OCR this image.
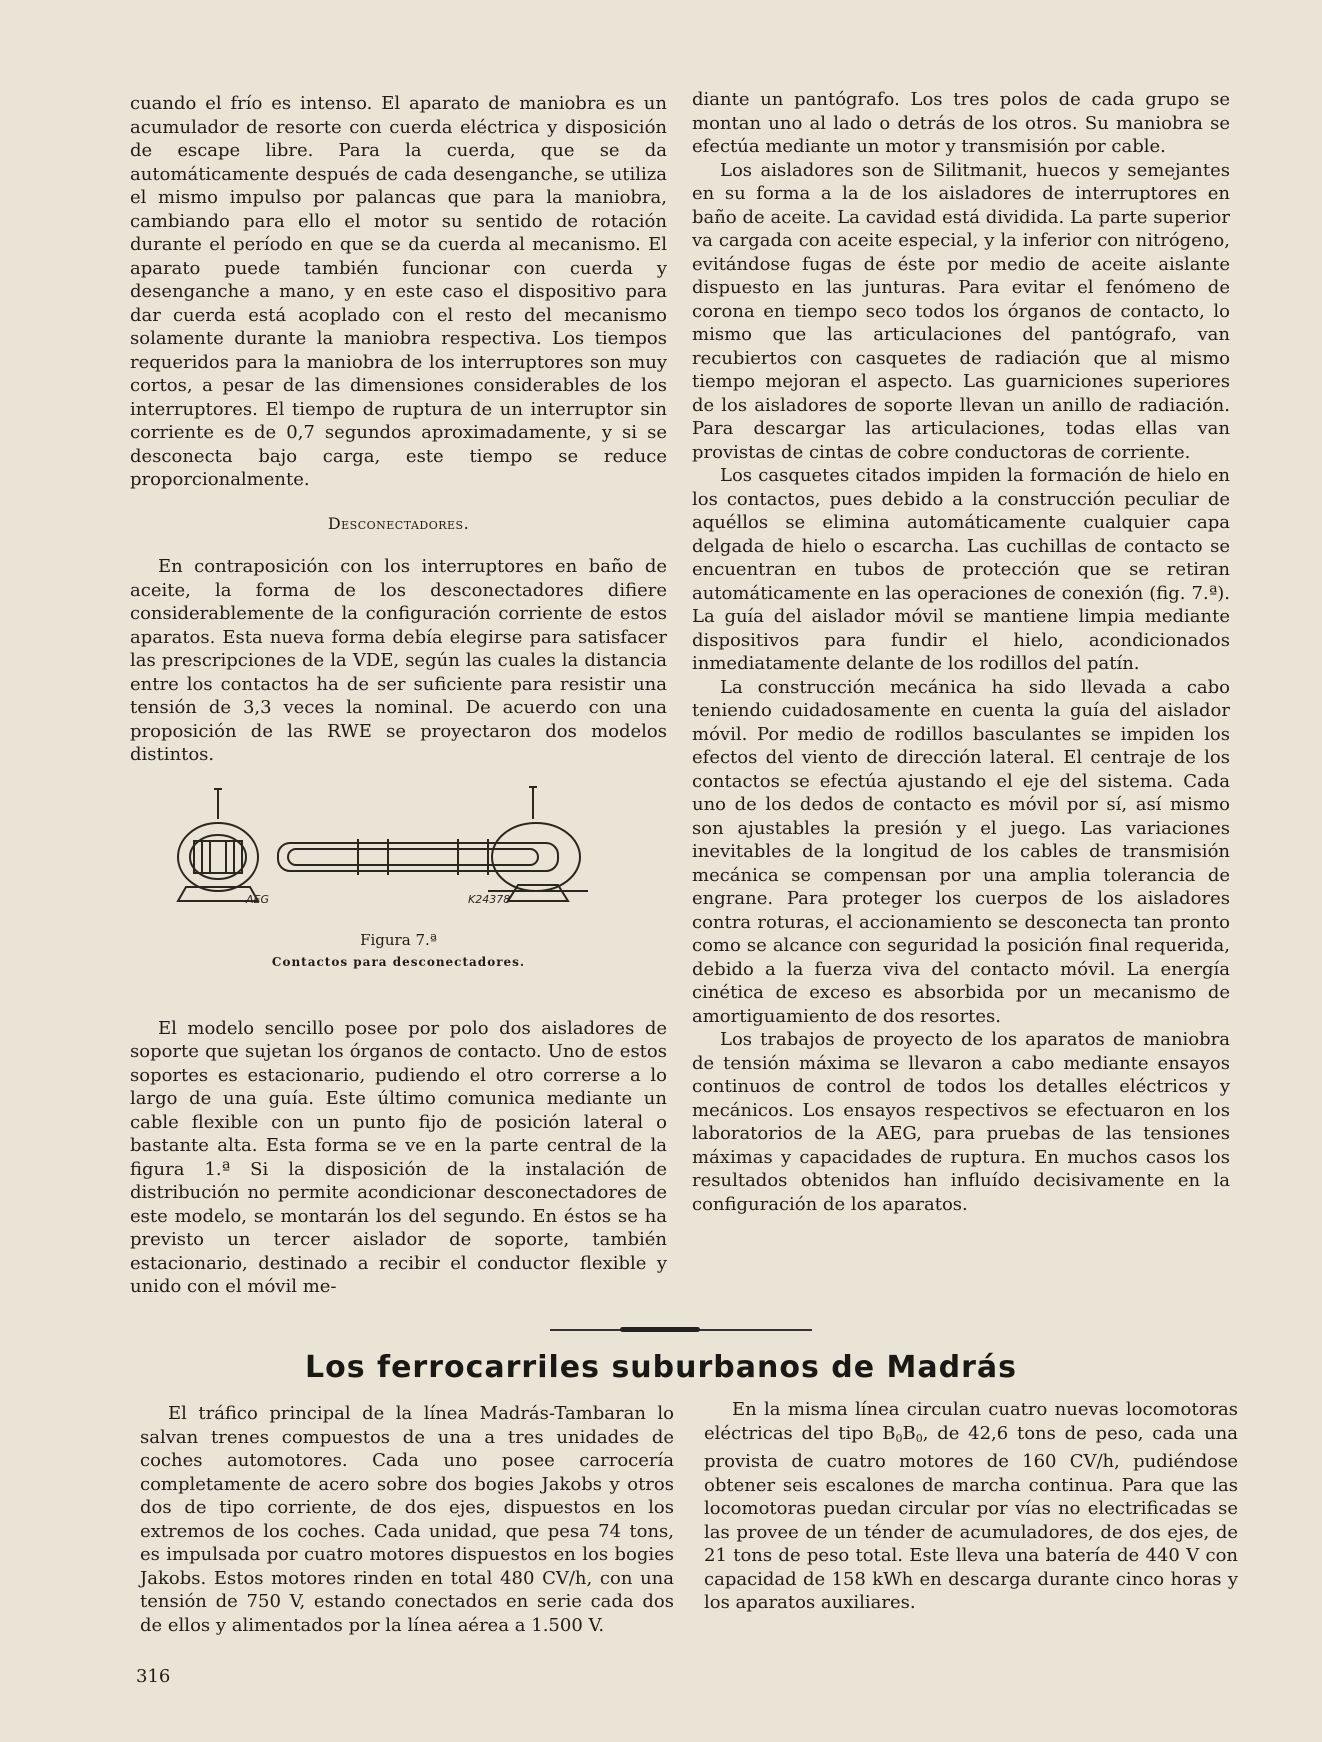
cuando el frío es intenso. El aparato de maniobra es un acumulador de resorte con cuerda eléctrica y disposición de escape libre. Para la cuerda, que se da automáticamente después de cada desenganche, se utiliza el mismo impulso por palancas que para la maniobra, cambiando para ello el motor su sentido de rotación durante el período en que se da cuerda al mecanismo. El aparato puede también funcionar con cuerda y desenganche a mano, y en este caso el dispositivo para dar cuerda está acoplado con el resto del mecanismo solamente durante la maniobra respectiva. Los tiempos requeridos para la maniobra de los interruptores son muy cortos, a pesar de las dimensiones considerables de los interruptores. El tiempo de ruptura de un interruptor sin corriente es de 0,7 segundos aproximadamente, y si se desconecta bajo carga, este tiempo se reduce proporcionalmente.

Desconectadores.

En contraposición con los interruptores en baño de aceite, la forma de los desconectadores difiere considerablemente de la configuración corriente de estos aparatos. Esta nueva forma debía elegirse para satisfacer las prescripciones de la VDE, según las cuales la distancia entre los contactos ha de ser suficiente para resistir una tensión de 3,3 veces la nominal. De acuerdo con una proposición de las RWE se proyectaron dos modelos distintos.

AEG	K24378
Figura 7.ª
Contactos para desconectadores.

El modelo sencillo posee por polo dos aisladores de soporte que sujetan los órganos de contacto. Uno de estos soportes es estacionario, pudiendo el otro correrse a lo largo de una guía. Este último comunica mediante un cable flexible con un punto fijo de posición lateral o bastante alta. Esta forma se ve en la parte central de la figura 1.ª Si la disposición de la instalación de distribución no permite acondicionar desconectadores de este modelo, se montarán los del segundo. En éstos se ha previsto un tercer aislador de soporte, también estacionario, destinado a recibir el conductor flexible y unido con el móvil me-

diante un pantógrafo. Los tres polos de cada grupo se montan uno al lado o detrás de los otros. Su maniobra se efectúa mediante un motor y transmisión por cable.

Los aisladores son de Silitmanit, huecos y semejantes en su forma a la de los aisladores de interruptores en baño de aceite. La cavidad está dividida. La parte superior va cargada con aceite especial, y la inferior con nitrógeno, evitándose fugas de éste por medio de aceite aislante dispuesto en las junturas. Para evitar el fenómeno de corona en tiempo seco todos los órganos de contacto, lo mismo que las articulaciones del pantógrafo, van recubiertos con casquetes de radiación que al mismo tiempo mejoran el aspecto. Las guarniciones superiores de los aisladores de soporte llevan un anillo de radiación. Para descargar las articulaciones, todas ellas van provistas de cintas de cobre conductoras de corriente.

Los casquetes citados impiden la formación de hielo en los contactos, pues debido a la construcción peculiar de aquéllos se elimina automáticamente cualquier capa delgada de hielo o escarcha. Las cuchillas de contacto se encuentran en tubos de protección que se retiran automáticamente en las operaciones de conexión (fig. 7.ª). La guía del aislador móvil se mantiene limpia mediante dispositivos para fundir el hielo, acondicionados inmediatamente delante de los rodillos del patín.

La construcción mecánica ha sido llevada a cabo teniendo cuidadosamente en cuenta la guía del aislador móvil. Por medio de rodillos basculantes se impiden los efectos del viento de dirección lateral. El centraje de los contactos se efectúa ajustando el eje del sistema. Cada uno de los dedos de contacto es móvil por sí, así mismo son ajustables la presión y el juego. Las variaciones inevitables de la longitud de los cables de transmisión mecánica se compensan por una amplia tolerancia de engrane. Para proteger los cuerpos de los aisladores contra roturas, el accionamiento se desconecta tan pronto como se alcance con seguridad la posición final requerida, debido a la fuerza viva del contacto móvil. La energía cinética de exceso es absorbida por un mecanismo de amortiguamiento de dos resortes.

Los trabajos de proyecto de los aparatos de maniobra de tensión máxima se llevaron a cabo mediante ensayos continuos de control de todos los detalles eléctricos y mecánicos. Los ensayos respectivos se efectuaron en los laboratorios de la AEG, para pruebas de las tensiones máximas y capacidades de ruptura. En muchos casos los resultados obtenidos han influído decisivamente en la configuración de los aparatos.

Los ferrocarriles suburbanos de Madrás

El tráfico principal de la línea Madrás-Tambaran lo salvan trenes compuestos de una a tres unidades de coches automotores. Cada uno posee carrocería completamente de acero sobre dos bogies Jakobs y otros dos de tipo corriente, de dos ejes, dispuestos en los extremos de los coches. Cada unidad, que pesa 74 tons, es impulsada por cuatro motores dispuestos en los bogies Jakobs. Estos motores rinden en total 480 CV/h, con una tensión de 750 V, estando conectados en serie cada dos de ellos y alimentados por la línea aérea a 1.500 V.

En la misma línea circulan cuatro nuevas locomotoras eléctricas del tipo $B_0B_0$, de 42,6 tons de peso, cada una provista de cuatro motores de 160 CV/h, pudiéndose obtener seis escalones de marcha continua. Para que las locomotoras puedan circular por vías no electrificadas se las provee de un ténder de acumuladores, de dos ejes, de 21 tons de peso total. Este lleva una batería de 440 V con capacidad de 158 kWh en descarga durante cinco horas y los aparatos auxiliares.

316
